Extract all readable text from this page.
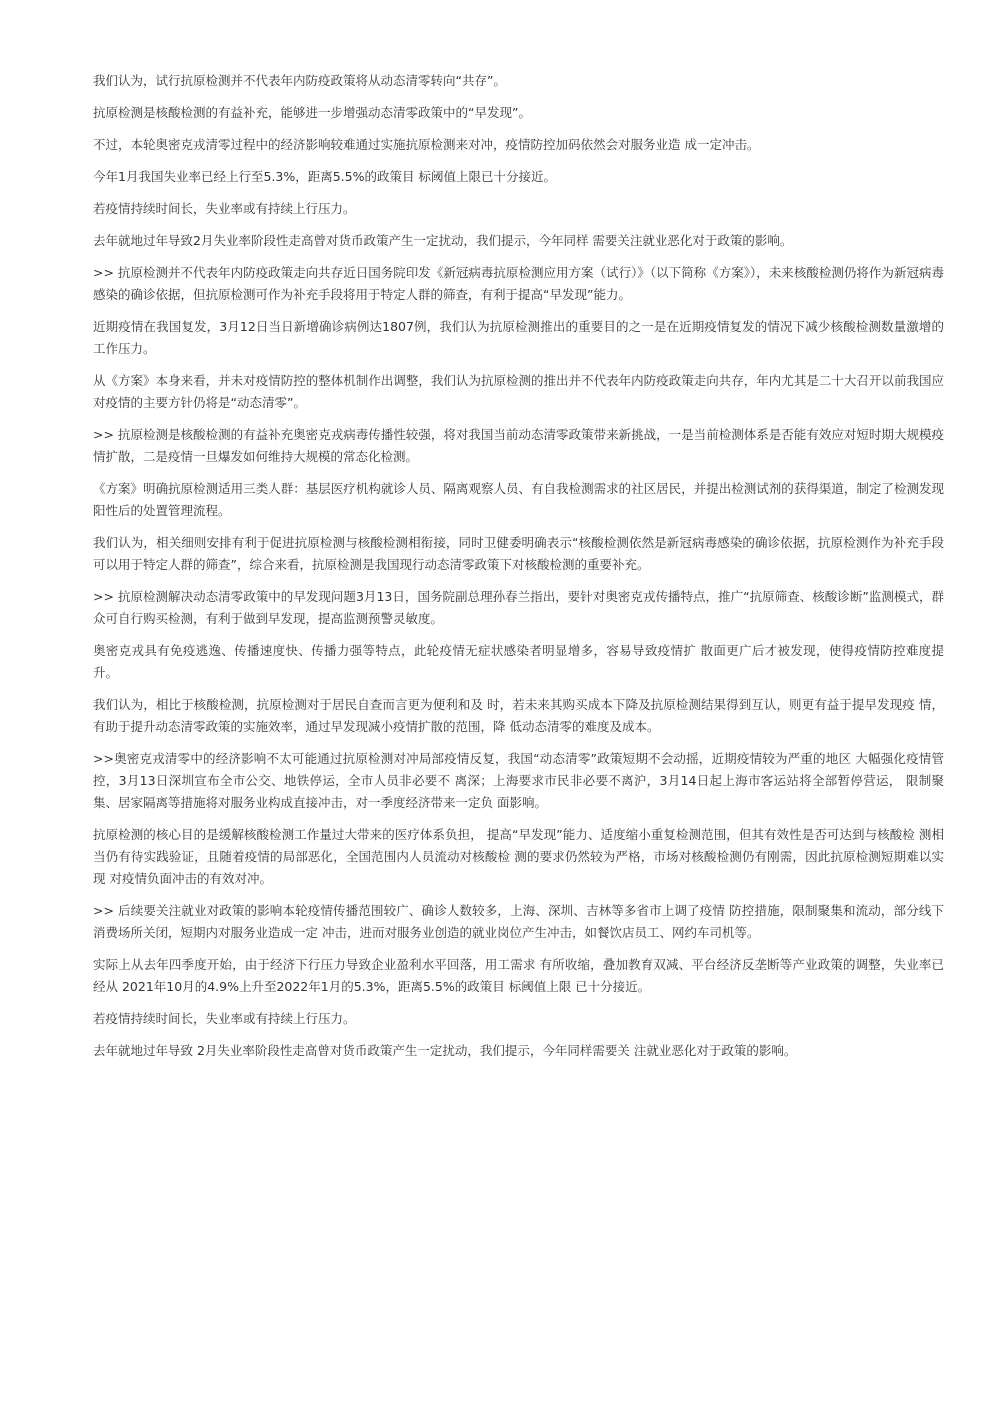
我们认为，试行抗原检测并不代表年内防疫政策将从动态清零转向“共存”。

抗原检测是核酸检测的有益补充，能够进一步增强动态清零政策中的“早发现”。

不过，本轮奥密克戎清零过程中的经济影响较难通过实施抗原检测来对冲，疫情防控加码依然会对服务业造 成一定冲击。

今年1月我国失业率已经上行至5.3%，距离5.5%的政策目 标阈值上限已十分接近。

若疫情持续时间长，失业率或有持续上行压力。

去年就地过年导致2月失业率阶段性走高曾对货币政策产生一定扰动，我们提示，今年同样 需要关注就业恶化对于政策的影响。

>> 抗原检测并不代表年内防疫政策走向共存近日国务院印发《新冠病毒抗原检测应用方案（试行）》（以下简称《方案》），未来核酸检测仍将作为新冠病毒感染的确诊依据，但抗原检测可作为补充手段将用于特定人群的筛查，有利于提高“早发现”能力。

近期疫情在我国复发，3月12日当日新增确诊病例达1807例，我们认为抗原检测推出的重要目的之一是在近期疫情复发的情况下减少核酸检测数量激增的工作压力。

从《方案》本身来看，并未对疫情防控的整体机制作出调整，我们认为抗原检测的推出并不代表年内防疫政策走向共存，年内尤其是二十大召开以前我国应对疫情的主要方针仍将是“动态清零”。

>> 抗原检测是核酸检测的有益补充奥密克戎病毒传播性较强，将对我国当前动态清零政策带来新挑战，一是当前检测体系是否能有效应对短时期大规模疫情扩散，二是疫情一旦爆发如何维持大规模的常态化检测。

《方案》明确抗原检测适用三类人群：基层医疗机构就诊人员、隔离观察人员、有自我检测需求的社区居民，并提出检测试剂的获得渠道，制定了检测发现阳性后的处置管理流程。

我们认为，相关细则安排有利于促进抗原检测与核酸检测相衔接，同时卫健委明确表示“核酸检测依然是新冠病毒感染的确诊依据，抗原检测作为补充手段可以用于特定人群的筛查”，综合来看，抗原检测是我国现行动态清零政策下对核酸检测的重要补充。

>> 抗原检测解决动态清零政策中的早发现问题3月13日，国务院副总理孙春兰指出，要针对奥密克戎传播特点，推广“抗原筛查、核酸诊断”监测模式，群众可自行购买检测，有利于做到早发现，提高监测预警灵敏度。

奥密克戎具有免疫逃逸、传播速度快、传播力强等特点，此轮疫情无症状感染者明显增多，容易导致疫情扩 散面更广后才被发现，使得疫情防控难度提升。

我们认为，相比于核酸检测，抗原检测对于居民自查而言更为便利和及 时，若未来其购买成本下降及抗原检测结果得到互认，则更有益于提早发现疫 情，有助于提升动态清零政策的实施效率，通过早发现减小疫情扩散的范围，降 低动态清零的难度及成本。

>>奥密克戎清零中的经济影响不太可能通过抗原检测对冲局部疫情反复，我国“动态清零”政策短期不会动摇，近期疫情较为严重的地区 大幅强化疫情管控，3月13日深圳宣布全市公交、地铁停运，全市人员非必要不 离深；上海要求市民非必要不离沪，3月14日起上海市客运站将全部暂停营运， 限制聚集、居家隔离等措施将对服务业构成直接冲击，对一季度经济带来一定负 面影响。

抗原检测的核心目的是缓解核酸检测工作量过大带来的医疗体系负担， 提高“早发现”能力、适度缩小重复检测范围，但其有效性是否可达到与核酸检 测相当仍有待实践验证，且随着疫情的局部恶化，全国范围内人员流动对核酸检 测的要求仍然较为严格，市场对核酸检测仍有刚需，因此抗原检测短期难以实现 对疫情负面冲击的有效对冲。

>> 后续要关注就业对政策的影响本轮疫情传播范围较广、确诊人数较多，上海、深圳、吉林等多省市上调了疫情 防控措施，限制聚集和流动，部分线下消费场所关闭，短期内对服务业造成一定 冲击，进而对服务业创造的就业岗位产生冲击，如餐饮店员工、网约车司机等。

实际上从去年四季度开始，由于经济下行压力导致企业盈利水平回落，用工需求 有所收缩，叠加教育双减、平台经济反垄断等产业政策的调整，失业率已经从 2021年10月的4.9%上升至2022年1月的5.3%，距离5.5%的政策目 标阈值上限 已十分接近。

若疫情持续时间长，失业率或有持续上行压力。

去年就地过年导致 2月失业率阶段性走高曾对货币政策产生一定扰动，我们提示，今年同样需要关 注就业恶化对于政策的影响。
